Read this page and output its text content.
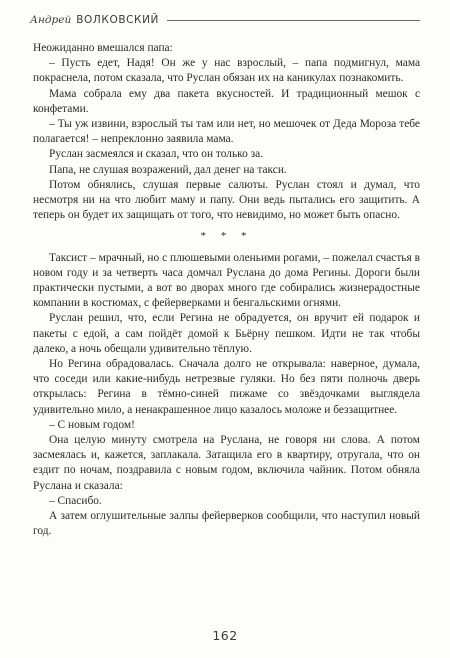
Андрей ВОЛКОВСКИЙ

Неожиданно вмешался папа:

– Пусть едет, Надя! Он же у нас взрослый, – папа подмигнул, мама покраснела, потом сказала, что Руслан обязан их на каникулах познакомить.

Мама собрала ему два пакета вкусностей. И традиционный мешок с конфетами.

– Ты уж извини, взрослый ты там или нет, но мешочек от Деда Мороза тебе полагается! – непреклонно заявила мама.

Руслан засмеялся и сказал, что он только за.

Папа, не слушая возражений, дал денег на такси.

Потом обнялись, слушая первые салюты. Руслан стоял и думал, что несмотря ни на что любит маму и папу. Они ведь пытались его защитить. А теперь он будет их защищать от того, что невидимо, но может быть опасно.

* * *

Таксист – мрачный, но с плюшевыми оленьими рогами, – пожелал счастья в новом году и за четверть часа домчал Руслана до дома Регины. Дороги были практически пустыми, а вот во дворах много где собирались жизнерадостные компании в костюмах, с фейерверками и бенгальскими огнями.

Руслан решил, что, если Регина не обрадуется, он вручит ей подарок и пакеты с едой, а сам пойдёт домой к Бьёрну пешком. Идти не так чтобы далеко, а ночь обещали удивительно тёплую.

Но Регина обрадовалась. Сначала долго не открывала: наверное, думала, что соседи или какие-нибудь нетрезвые гуляки. Но без пяти полночь дверь открылась: Регина в тёмно-синей пижаме со звёздочками выглядела удивительно мило, а ненакрашенное лицо казалось моложе и беззащитнее.

– С новым годом!

Она целую минуту смотрела на Руслана, не говоря ни слова. А потом засмеялась и, кажется, заплакала. Затащила его в квартиру, отругала, что он ездит по ночам, поздравила с новым годом, включила чайник. Потом обняла Руслана и сказала:

– Спасибо.

А затем оглушительные залпы фейерверков сообщили, что наступил новый год.

162
